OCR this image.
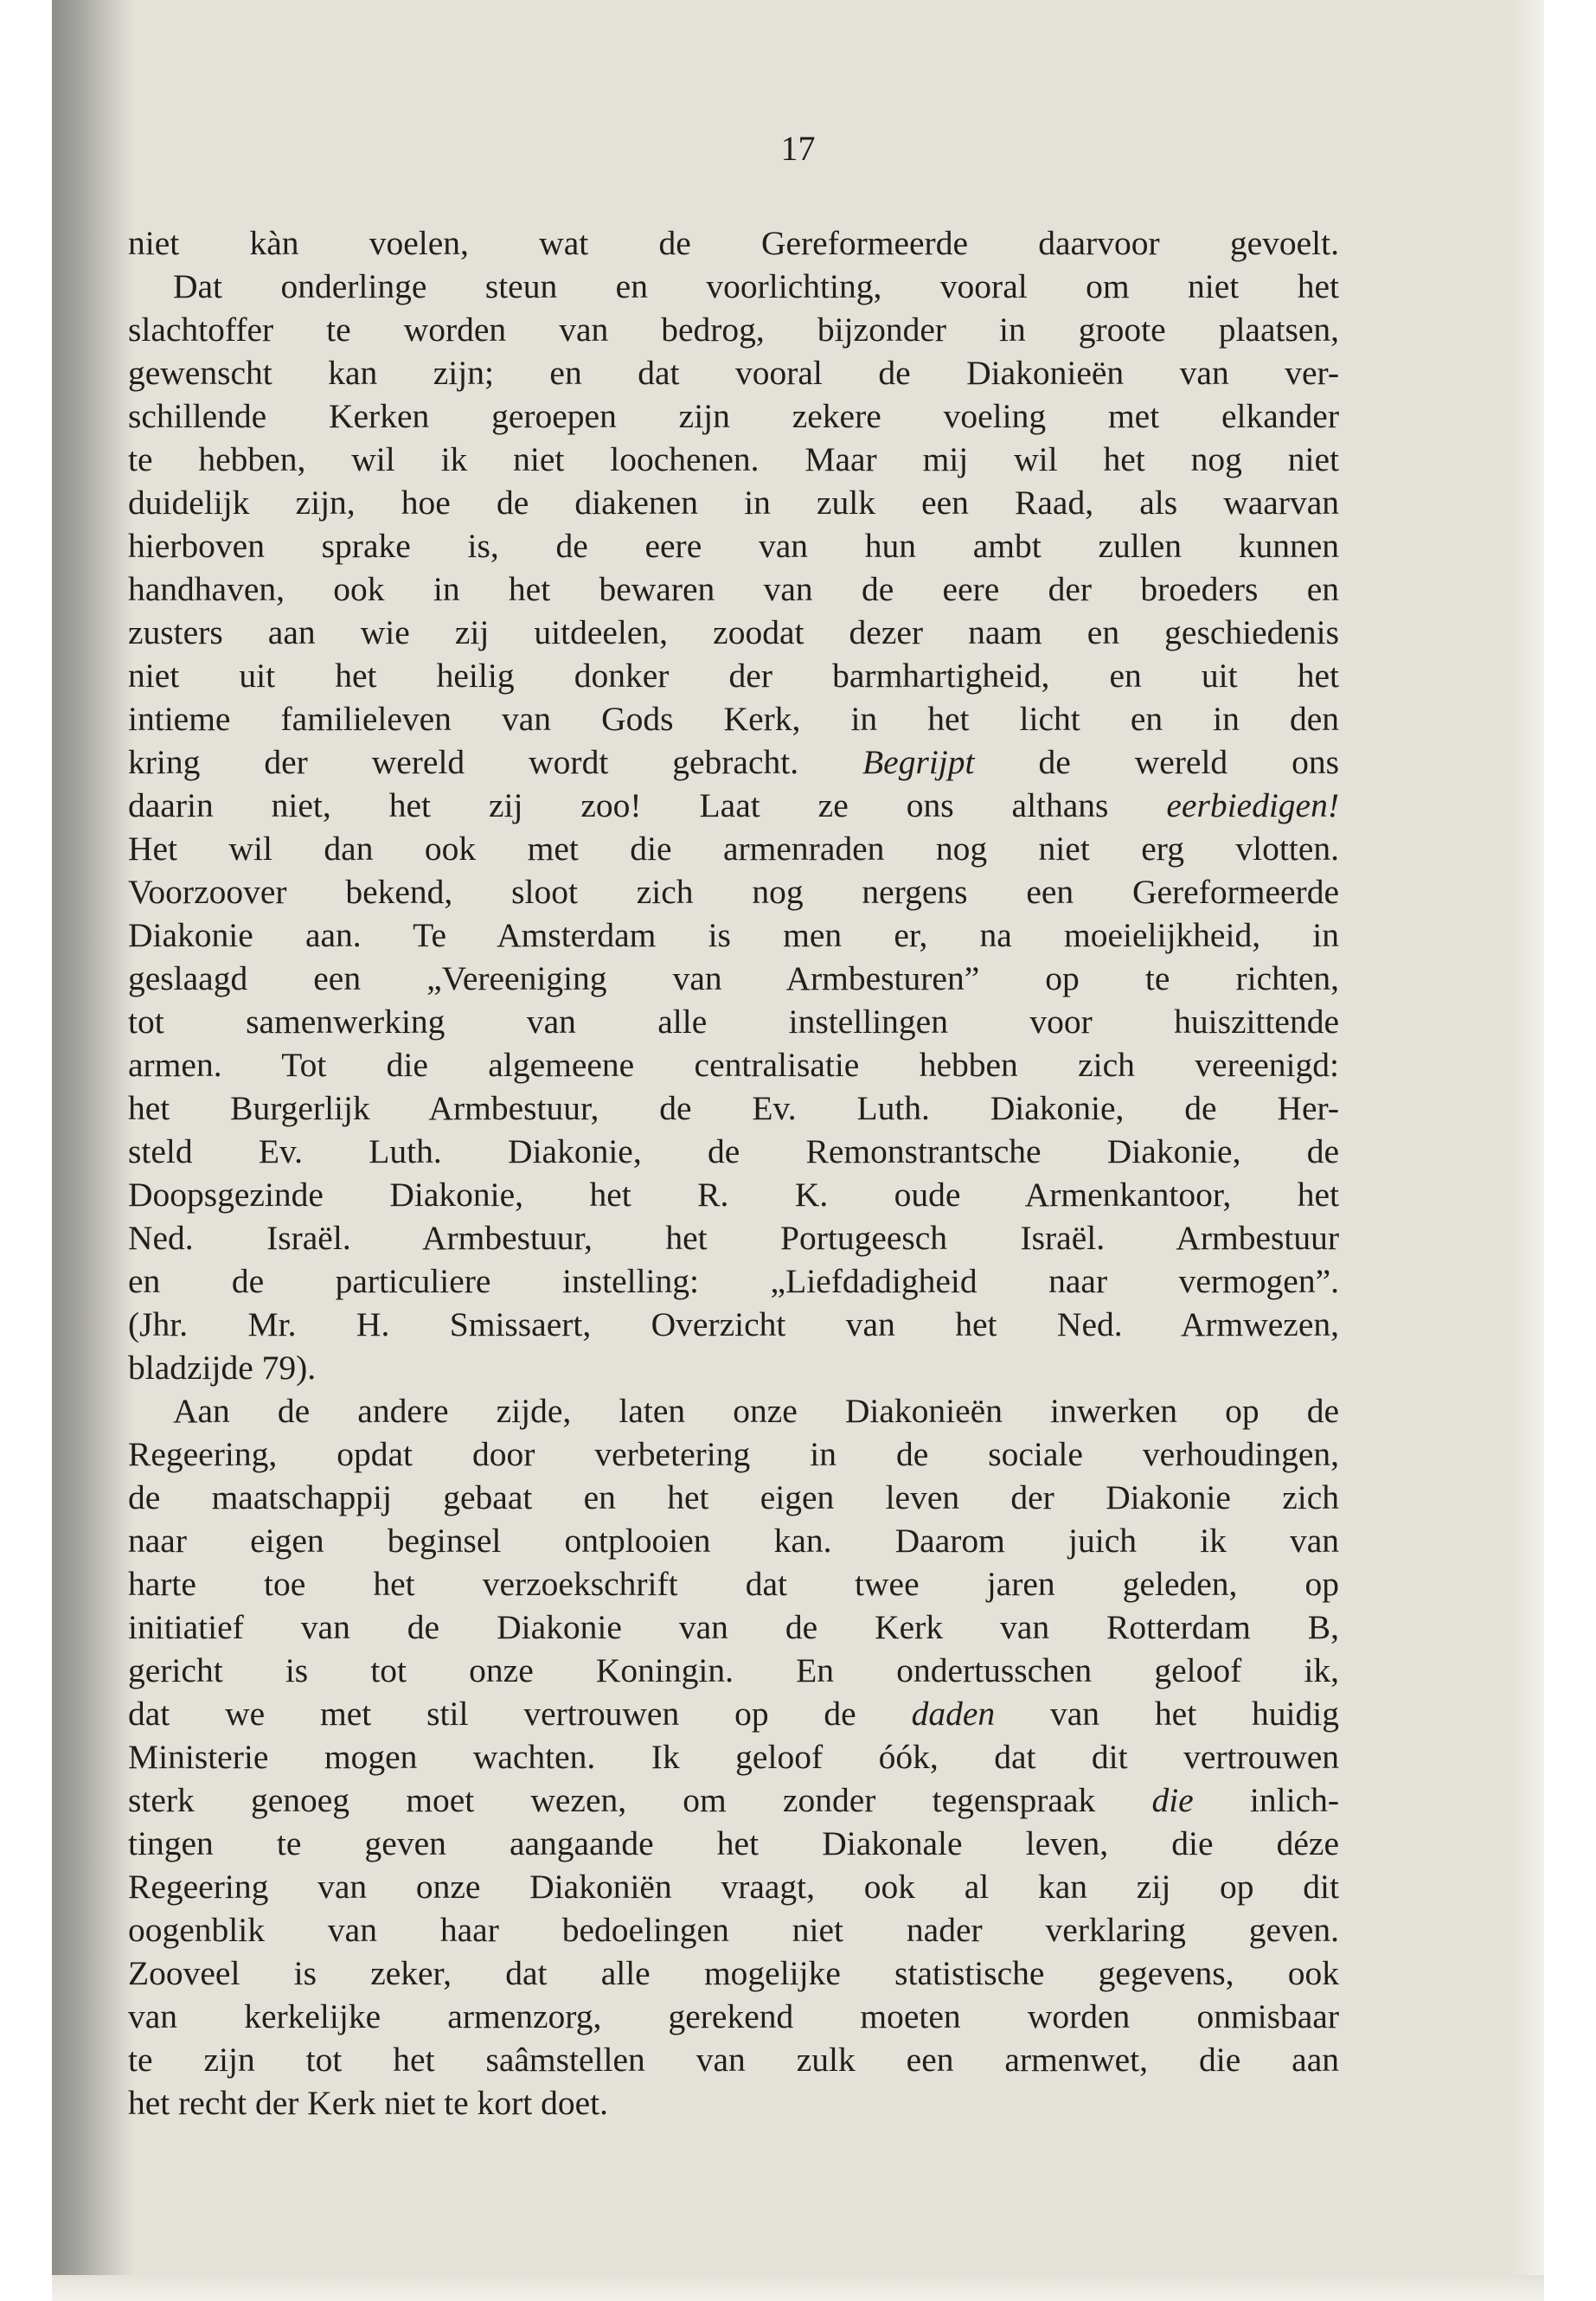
17
niet kàn voelen, wat de Gereformeerde daarvoor gevoelt.
Dat onderlinge steun en voorlichting, vooral om niet het
slachtoffer te worden van bedrog, bijzonder in groote plaatsen,
gewenscht kan zijn; en dat vooral de Diakonieën van ver-
schillende Kerken geroepen zijn zekere voeling met elkander
te hebben, wil ik niet loochenen. Maar mij wil het nog niet
duidelijk zijn, hoe de diakenen in zulk een Raad, als waarvan
hierboven sprake is, de eere van hun ambt zullen kunnen
handhaven, ook in het bewaren van de eere der broeders en
zusters aan wie zij uitdeelen, zoodat dezer naam en geschiedenis
niet uit het heilig donker der barmhartigheid, en uit het
intieme familieleven van Gods Kerk, in het licht en in den
kring der wereld wordt gebracht. Begrijpt de wereld ons
daarin niet, het zij zoo! Laat ze ons althans eerbiedigen!
Het wil dan ook met die armenraden nog niet erg vlotten.
Voorzoover bekend, sloot zich nog nergens een Gereformeerde
Diakonie aan. Te Amsterdam is men er, na moeielijkheid, in
geslaagd een „Vereeniging van Armbesturen” op te richten,
tot samenwerking van alle instellingen voor huiszittende
armen. Tot die algemeene centralisatie hebben zich vereenigd:
het Burgerlijk Armbestuur, de Ev. Luth. Diakonie, de Her-
steld Ev. Luth. Diakonie, de Remonstrantsche Diakonie, de
Doopsgezinde Diakonie, het R. K. oude Armenkantoor, het
Ned. Israël. Armbestuur, het Portugeesch Israël. Armbestuur
en de particuliere instelling: „Liefdadigheid naar vermogen”.
(Jhr. Mr. H. Smissaert, Overzicht van het Ned. Armwezen,
bladzijde 79).
Aan de andere zijde, laten onze Diakonieën inwerken op de
Regeering, opdat door verbetering in de sociale verhoudingen,
de maatschappij gebaat en het eigen leven der Diakonie zich
naar eigen beginsel ontplooien kan. Daarom juich ik van
harte toe het verzoekschrift dat twee jaren geleden, op
initiatief van de Diakonie van de Kerk van Rotterdam B,
gericht is tot onze Koningin. En ondertusschen geloof ik,
dat we met stil vertrouwen op de daden van het huidig
Ministerie mogen wachten. Ik geloof óók, dat dit vertrouwen
sterk genoeg moet wezen, om zonder tegenspraak die inlich-
tingen te geven aangaande het Diakonale leven, die déze
Regeering van onze Diakoniën vraagt, ook al kan zij op dit
oogenblik van haar bedoelingen niet nader verklaring geven.
Zooveel is zeker, dat alle mogelijke statistische gegevens, ook
van kerkelijke armenzorg, gerekend moeten worden onmisbaar
te zijn tot het saâmstellen van zulk een armenwet, die aan
het recht der Kerk niet te kort doet.
